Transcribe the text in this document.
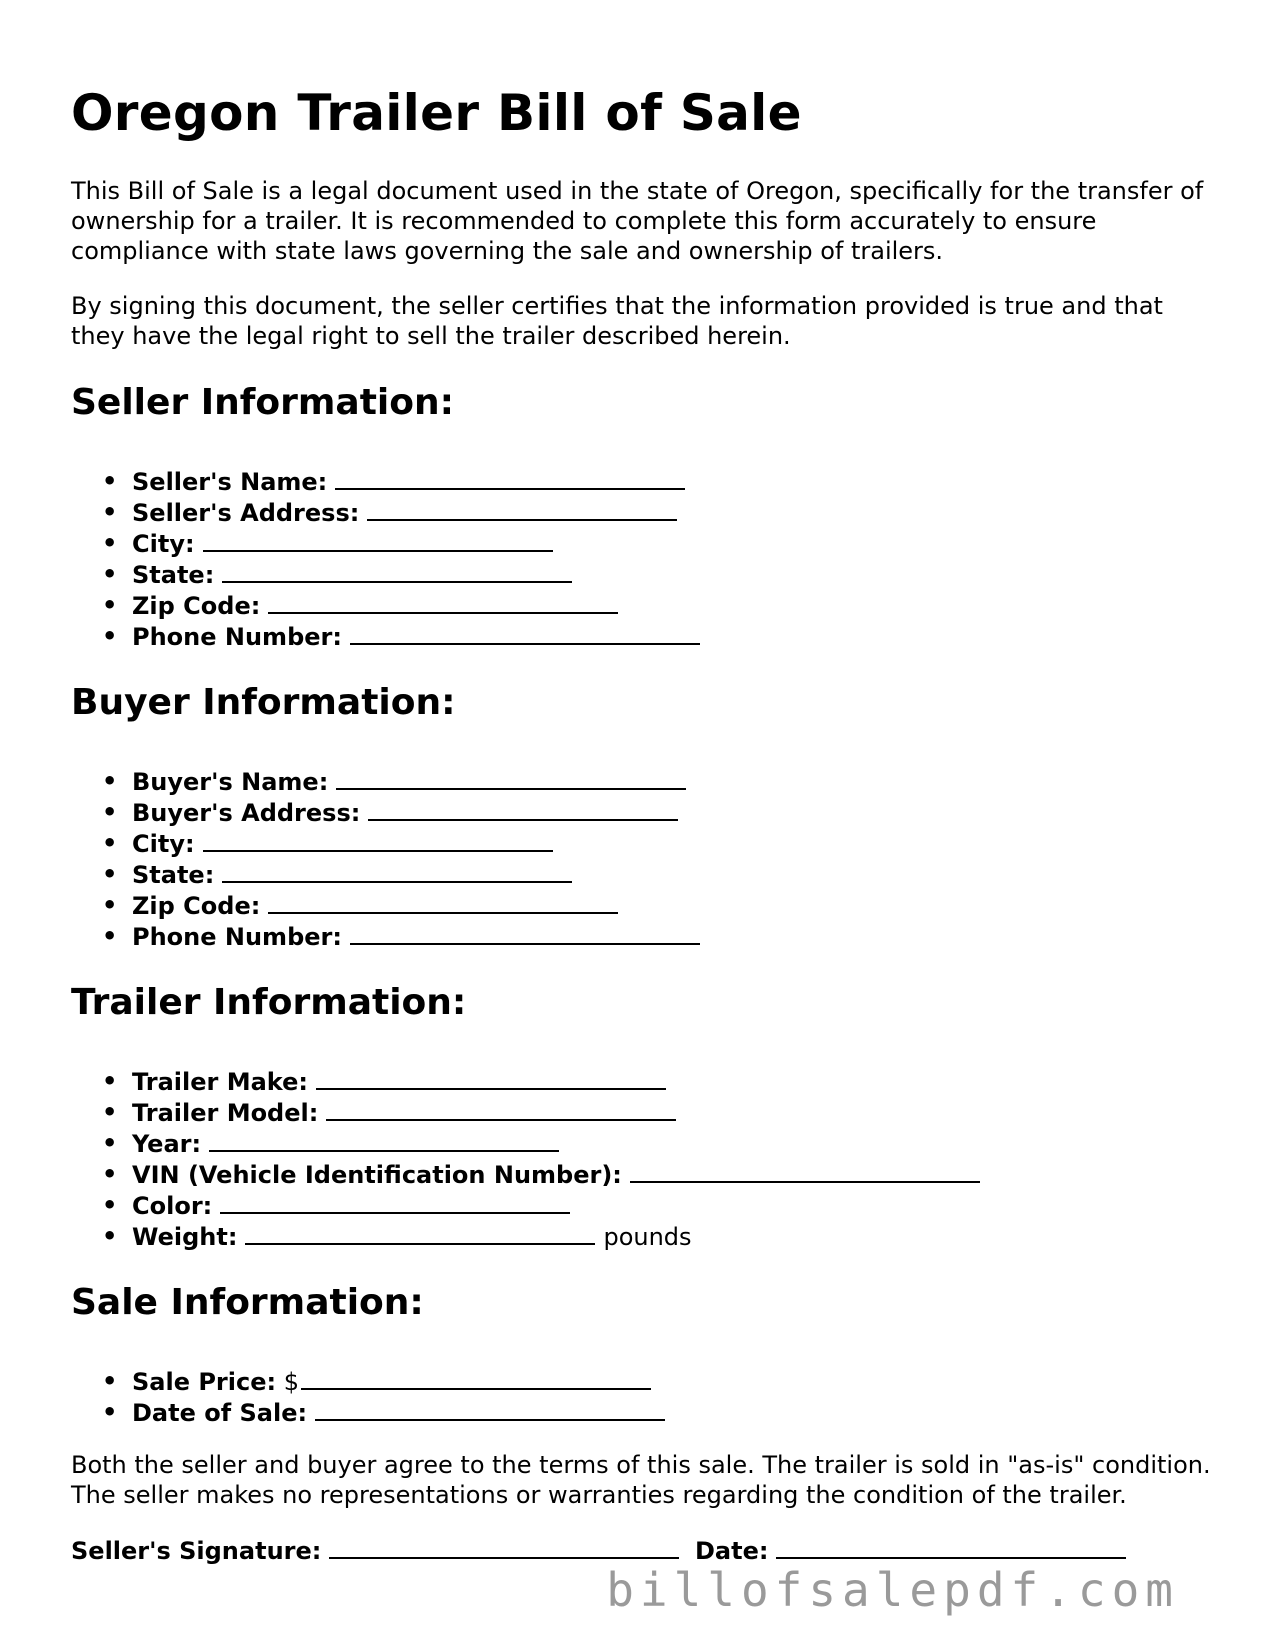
Oregon Trailer Bill of Sale

This Bill of Sale is a legal document used in the state of Oregon, specifically for the transfer of ownership for a trailer. It is recommended to complete this form accurately to ensure compliance with state laws governing the sale and ownership of trailers.

By signing this document, the seller certifies that the information provided is true and that they have the legal right to sell the trailer described herein.

Seller Information:
• Seller's Name:
• Seller's Address:
• City:
• State:
• Zip Code:
• Phone Number:
Buyer Information:
• Buyer's Name:
• Buyer's Address:
• City:
• State:
• Zip Code:
• Phone Number:
Trailer Information:
• Trailer Make:
• Trailer Model:
• Year:
• VIN (Vehicle Identification Number):
• Color:
• Weight:	pounds
Sale Information:
• Sale Price: $
• Date of Sale:

Both the seller and buyer agree to the terms of this sale. The trailer is sold in "as-is" condition. The seller makes no representations or warranties regarding the condition of the trailer.

Seller's Signature:	Date:
billofsalepdf.com
